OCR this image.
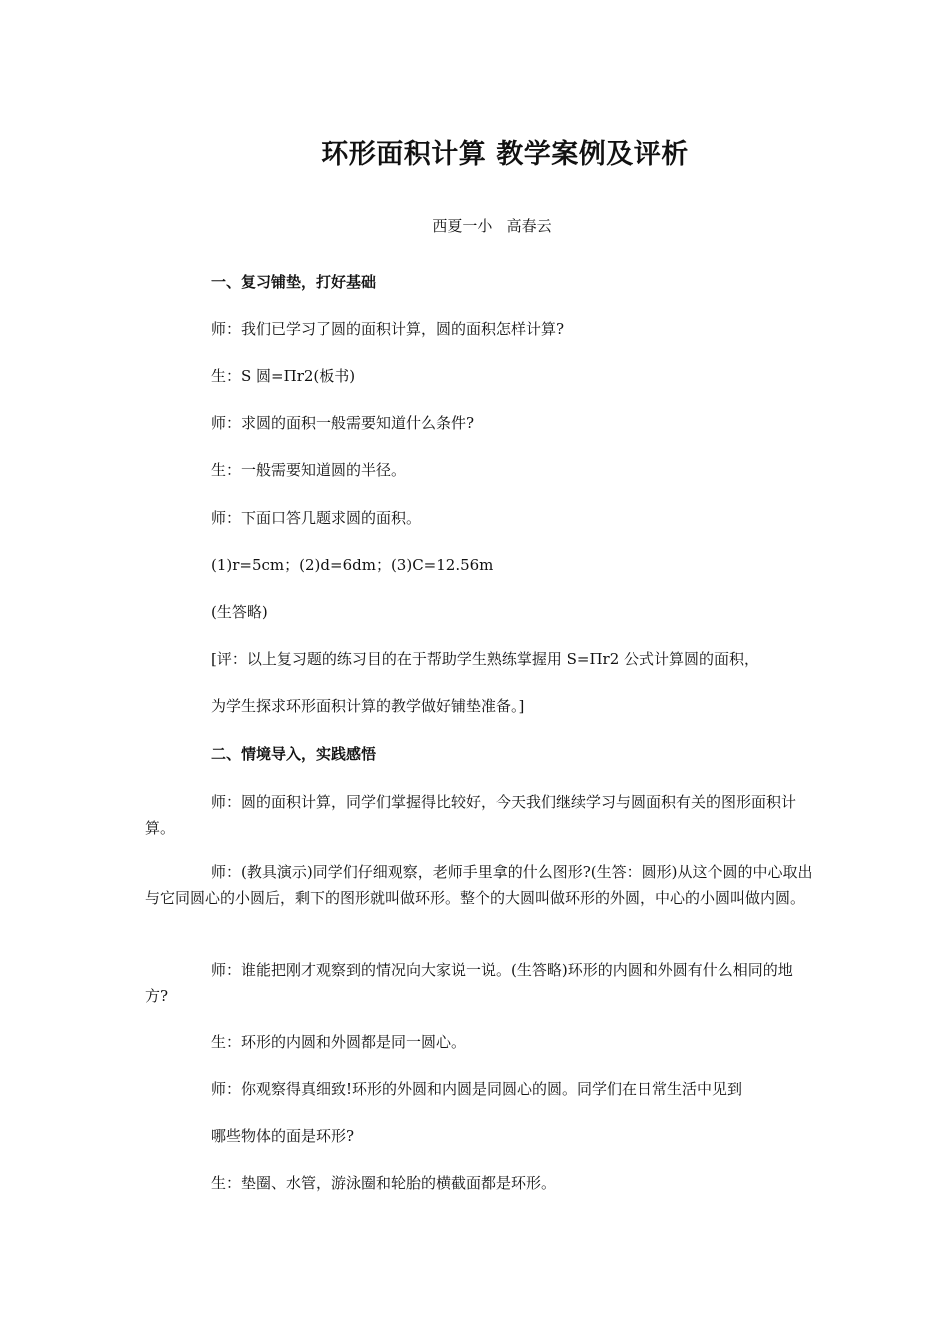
环形面积计算 教学案例及评析
西夏一小   高春云
一、复习铺垫，打好基础
师：我们已学习了圆的面积计算，圆的面积怎样计算?
生：S 圆=Πr2(板书)
师：求圆的面积一般需要知道什么条件?
生：一般需要知道圆的半径。
师：下面口答几题求圆的面积。
(1)r=5cm；(2)d=6dm；(3)C=12.56m
(生答略)
[评：以上复习题的练习目的在于帮助学生熟练掌握用 S=Πr2 公式计算圆的面积，
为学生探求环形面积计算的教学做好铺垫准备。]
二、情境导入，实践感悟
师：圆的面积计算，同学们掌握得比较好，今天我们继续学习与圆面积有关的图形面积计算。
师：(教具演示)同学们仔细观察，老师手里拿的什么图形?(生答：圆形)从这个圆的中心取出与它同圆心的小圆后，剩下的图形就叫做环形。整个的大圆叫做环形的外圆，中心的小圆叫做内圆。
师：谁能把刚才观察到的情况向大家说一说。(生答略)环形的内圆和外圆有什么相同的地方?
生：环形的内圆和外圆都是同一圆心。
师：你观察得真细致!环形的外圆和内圆是同圆心的圆。同学们在日常生活中见到
哪些物体的面是环形?
生：垫圈、水管，游泳圈和轮胎的横截面都是环形。
